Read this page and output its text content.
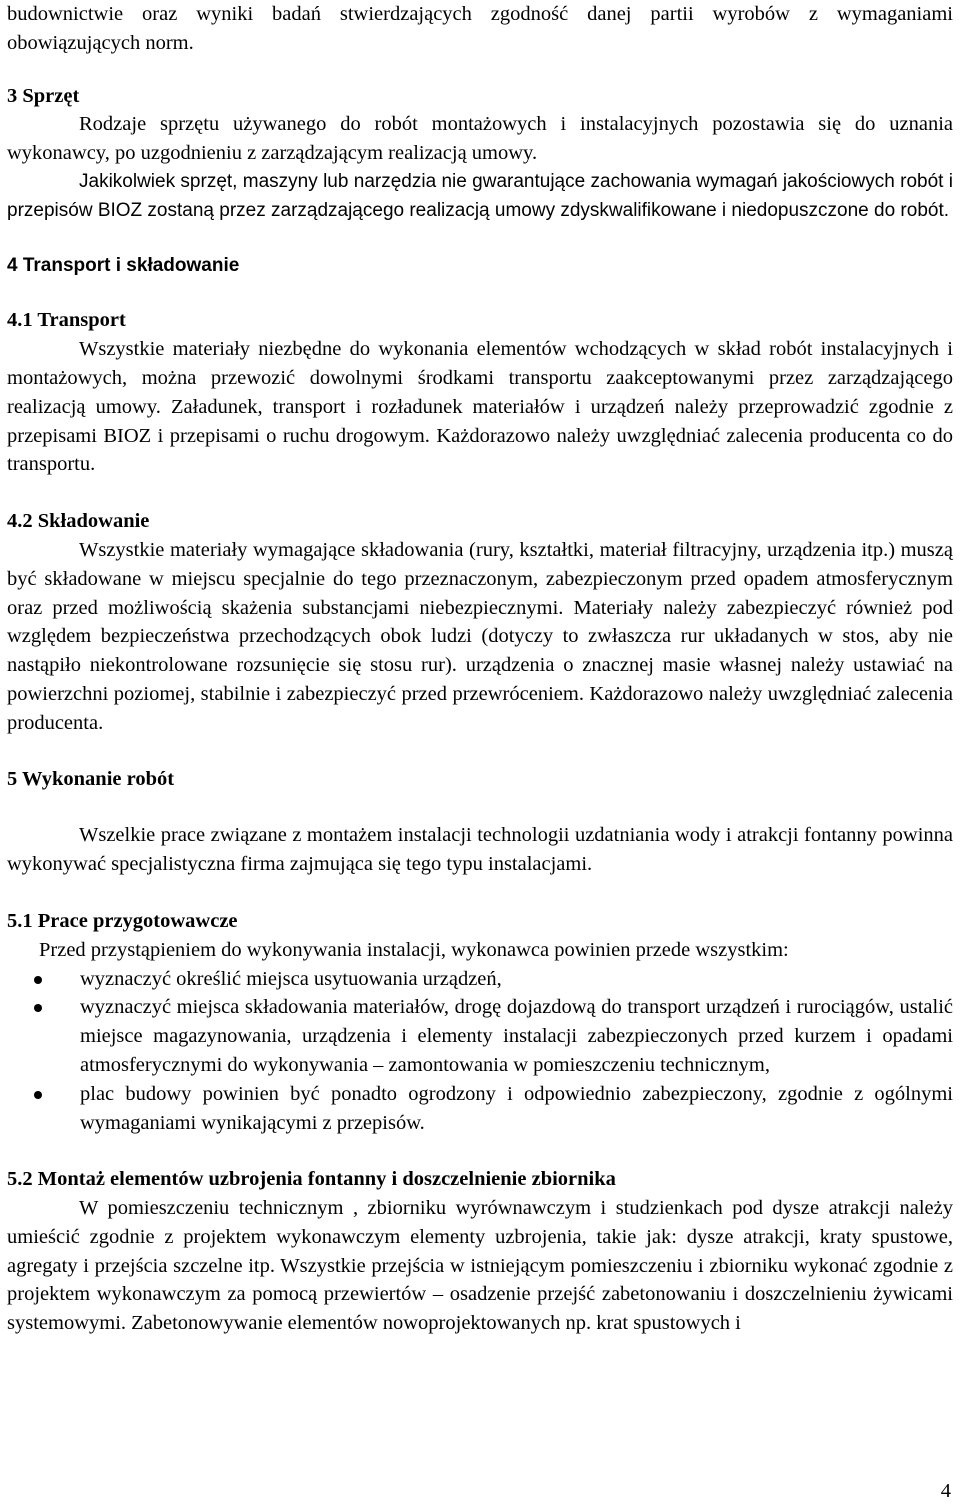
budownictwie oraz wyniki badań stwierdzających zgodność danej partii wyrobów z wymaganiami obowiązujących norm.

3 Sprzęt

Rodzaje sprzętu używanego do robót montażowych i instalacyjnych pozostawia się do uznania wykonawcy, po uzgodnieniu z zarządzającym realizacją umowy.

Jakikolwiek sprzęt, maszyny lub narzędzia nie gwarantujące zachowania wymagań jakościowych robót i przepisów BIOZ zostaną przez zarządzającego realizacją umowy zdyskwalifikowane i niedopuszczone do robót.

4 Transport i składowanie
4.1 Transport

Wszystkie materiały niezbędne do wykonania elementów wchodzących w skład robót instalacyjnych i montażowych, można przewozić dowolnymi środkami transportu zaakceptowanymi przez zarządzającego realizacją umowy. Załadunek, transport i rozładunek materiałów i urządzeń należy przeprowadzić zgodnie z przepisami BIOZ i przepisami o ruchu drogowym. Każdorazowo należy uwzględniać zalecenia producenta co do transportu.

4.2 Składowanie

Wszystkie materiały wymagające składowania (rury, kształtki, materiał filtracyjny, urządzenia itp.) muszą być składowane w miejscu specjalnie do tego przeznaczonym, zabezpieczonym przed opadem atmosferycznym oraz przed możliwością skażenia substancjami niebezpiecznymi. Materiały należy zabezpieczyć również pod względem bezpieczeństwa przechodzących obok ludzi (dotyczy to zwłaszcza rur układanych w stos, aby nie nastąpiło niekontrolowane rozsunięcie się stosu rur). urządzenia o znacznej masie własnej należy ustawiać na powierzchni poziomej, stabilnie i zabezpieczyć przed przewróceniem. Każdorazowo należy uwzględniać zalecenia producenta.

5 Wykonanie robót

Wszelkie prace związane z montażem instalacji technologii uzdatniania wody i atrakcji fontanny powinna wykonywać specjalistyczna firma zajmująca się tego typu instalacjami.

5.1 Prace przygotowawcze

Przed przystąpieniem do wykonywania instalacji, wykonawca powinien przede wszystkim:

wyznaczyć określić miejsca usytuowania urządzeń,
wyznaczyć miejsca składowania materiałów, drogę dojazdową do transport urządzeń i rurociągów, ustalić miejsce magazynowania, urządzenia i elementy instalacji zabezpieczonych przed kurzem i opadami atmosferycznymi do wykonywania – zamontowania w pomieszczeniu technicznym,
plac budowy powinien być ponadto ogrodzony i odpowiednio zabezpieczony, zgodnie z ogólnymi wymaganiami wynikającymi z przepisów.
5.2 Montaż elementów uzbrojenia fontanny i doszczelnienie zbiornika

W pomieszczeniu technicznym , zbiorniku wyrównawczym i studzienkach pod dysze atrakcji należy umieścić zgodnie z projektem wykonawczym elementy uzbrojenia, takie jak: dysze atrakcji, kraty spustowe, agregaty i przejścia szczelne itp. Wszystkie przejścia w istniejącym pomieszczeniu i zbiorniku wykonać zgodnie z projektem wykonawczym za pomocą przewiertów – osadzenie przejść zabetonowaniu i doszczelnieniu żywicami systemowymi. Zabetonowywanie elementów nowoprojektowanych np. krat spustowych i

4
